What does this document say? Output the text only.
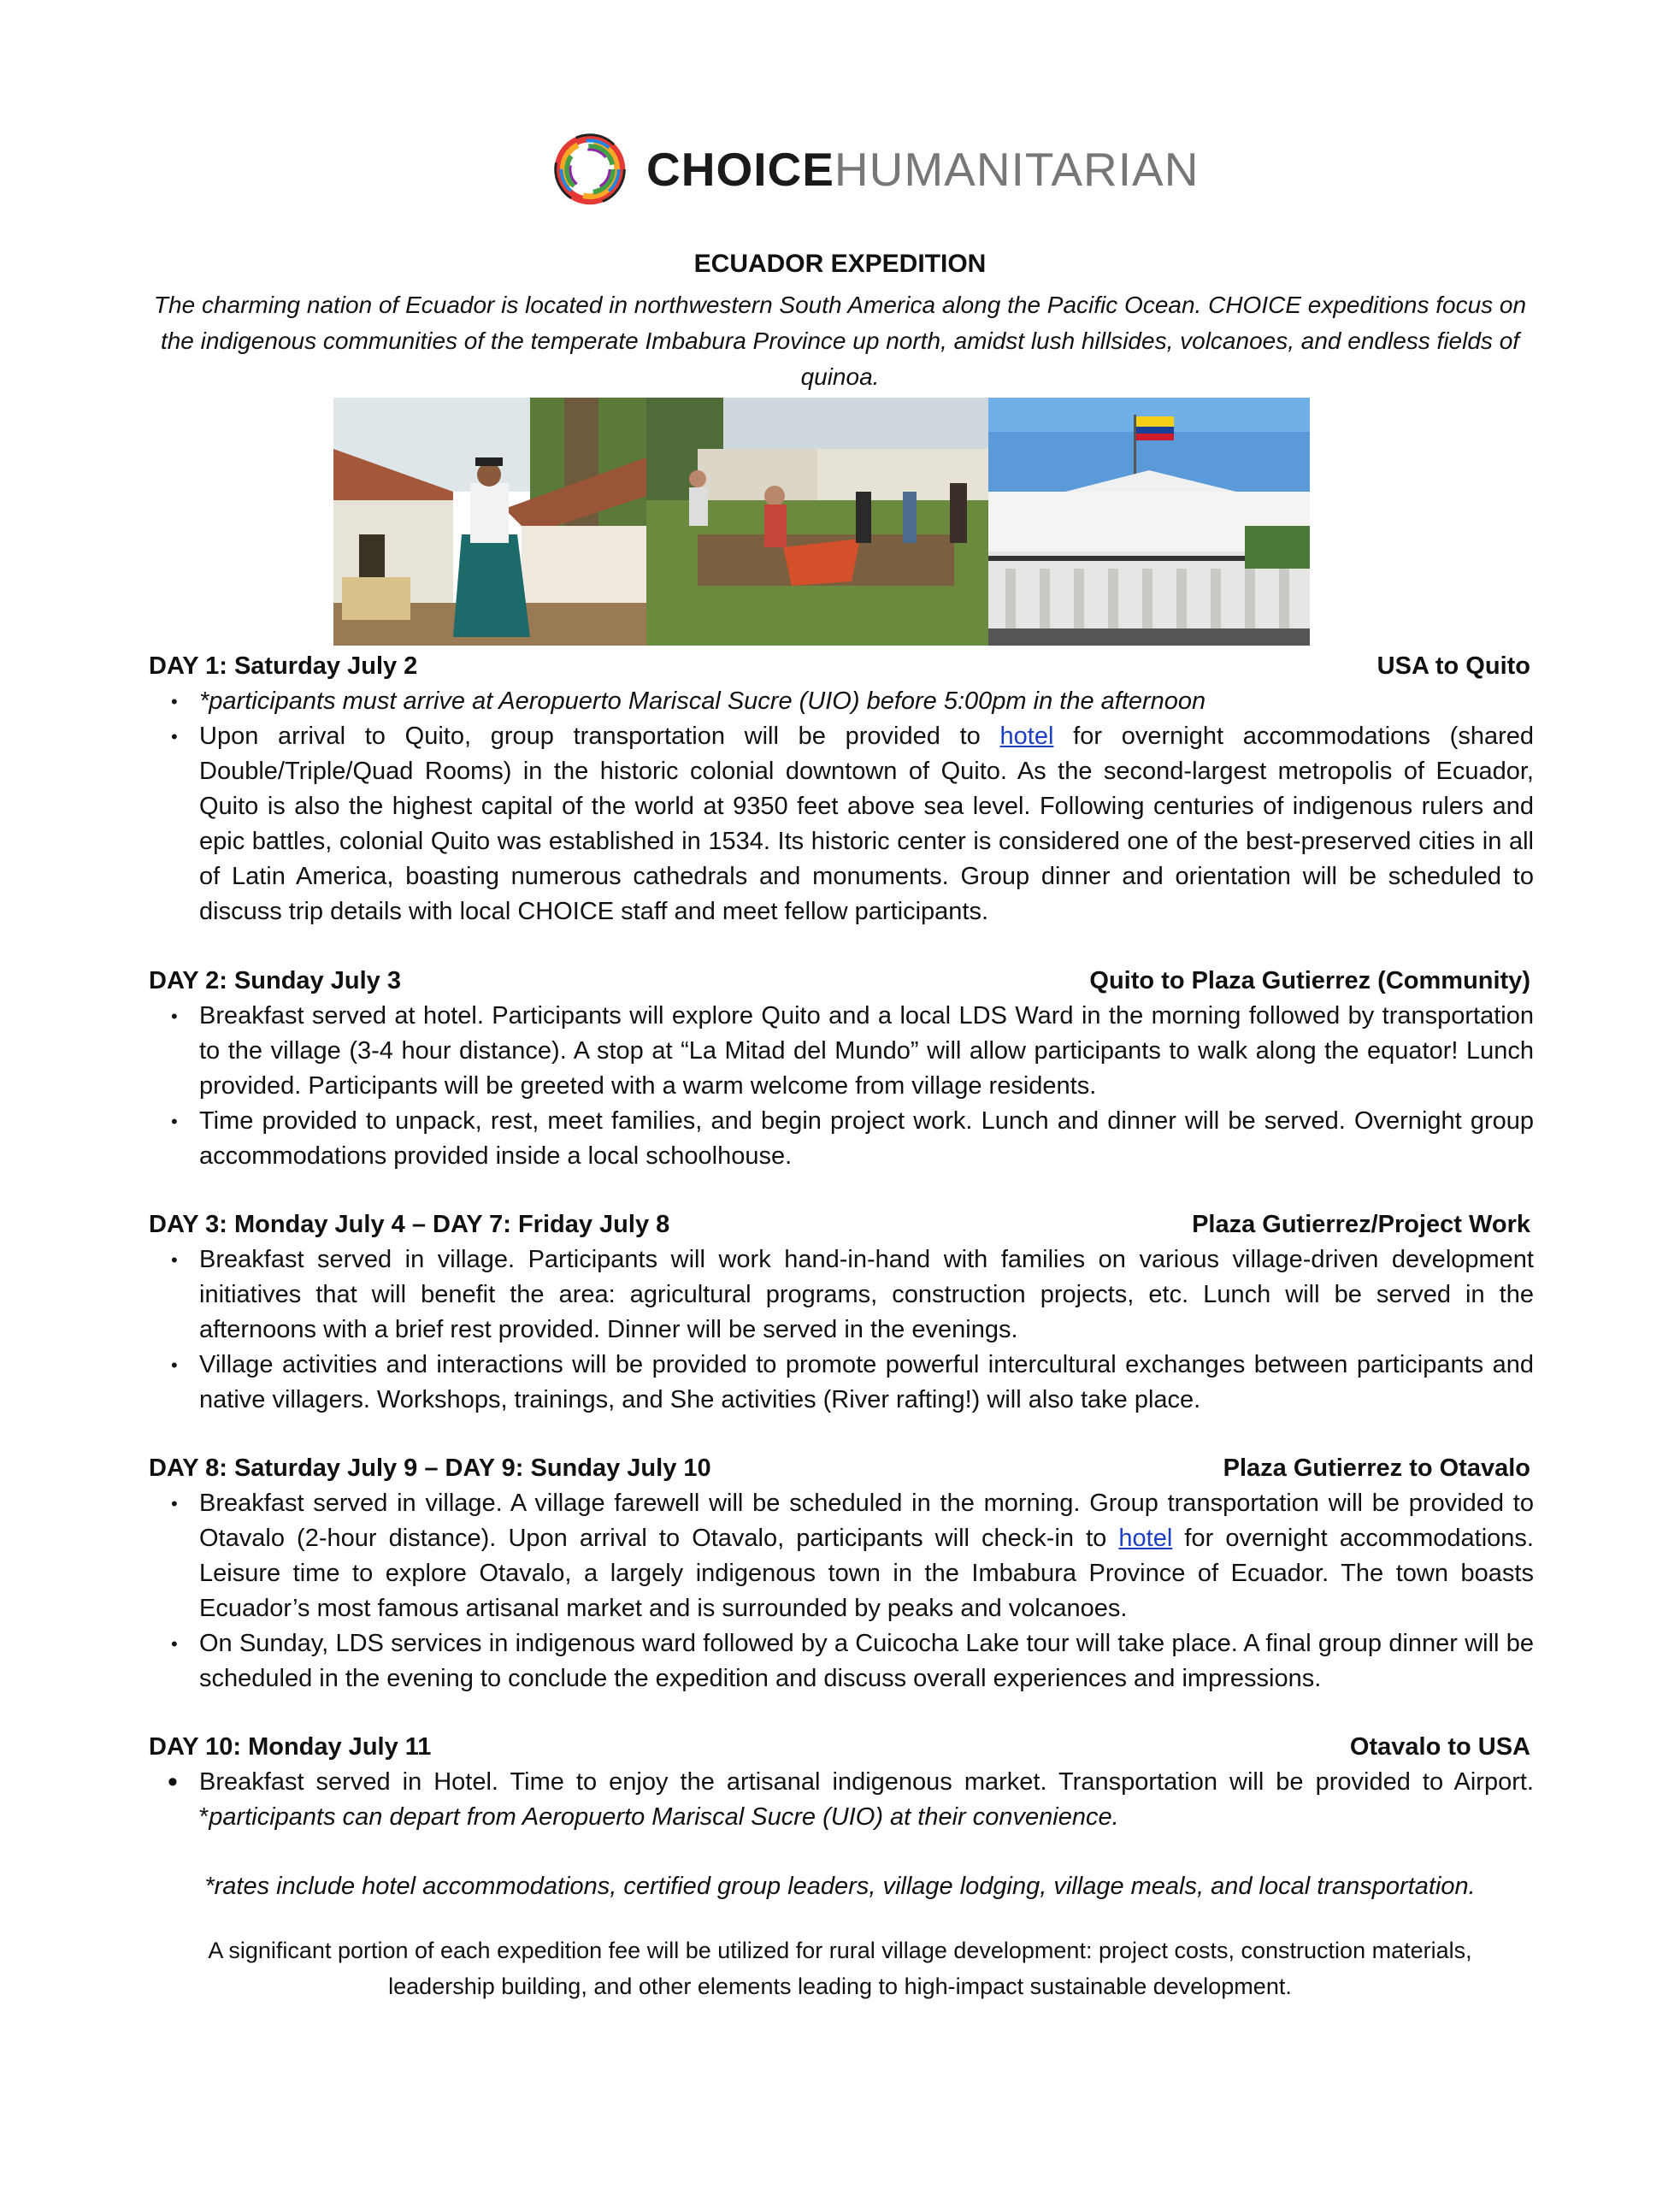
CHOICEHUMANITARIAN
ECUADOR EXPEDITION
The charming nation of Ecuador is located in northwestern South America along the Pacific Ocean. CHOICE expeditions focus on the indigenous communities of the temperate Imbabura Province up north, amidst lush hillsides, volcanoes, and endless fields of quinoa.
DAY 1: Saturday July 2	USA to Quito
• *participants must arrive at Aeropuerto Mariscal Sucre (UIO) before 5:00pm in the afternoon
• Upon arrival to Quito, group transportation will be provided to hotel for overnight accommodations (shared Double/Triple/Quad Rooms) in the historic colonial downtown of Quito. As the second-largest metropolis of Ecuador, Quito is also the highest capital of the world at 9350 feet above sea level. Following centuries of indigenous rulers and epic battles, colonial Quito was established in 1534. Its historic center is considered one of the best-preserved cities in all of Latin America, boasting numerous cathedrals and monuments. Group dinner and orientation will be scheduled to discuss trip details with local CHOICE staff and meet fellow participants.
DAY 2: Sunday July 3	Quito to Plaza Gutierrez (Community)
• Breakfast served at hotel. Participants will explore Quito and a local LDS Ward in the morning followed by transportation to the village (3-4 hour distance). A stop at “La Mitad del Mundo” will allow participants to walk along the equator! Lunch provided. Participants will be greeted with a warm welcome from village residents.
• Time provided to unpack, rest, meet families, and begin project work. Lunch and dinner will be served. Overnight group accommodations provided inside a local schoolhouse.
DAY 3: Monday July 4 – DAY 7: Friday July 8	Plaza Gutierrez/Project Work
• Breakfast served in village. Participants will work hand-in-hand with families on various village-driven development initiatives that will benefit the area: agricultural programs, construction projects, etc. Lunch will be served in the afternoons with a brief rest provided. Dinner will be served in the evenings.
• Village activities and interactions will be provided to promote powerful intercultural exchanges between participants and native villagers. Workshops, trainings, and She activities (River rafting!) will also take place.
DAY 8: Saturday July 9 – DAY 9: Sunday July 10	Plaza Gutierrez to Otavalo
• Breakfast served in village. A village farewell will be scheduled in the morning. Group transportation will be provided to Otavalo (2-hour distance). Upon arrival to Otavalo, participants will check-in to hotel for overnight accommodations. Leisure time to explore Otavalo, a largely indigenous town in the Imbabura Province of Ecuador. The town boasts Ecuador’s most famous artisanal market and is surrounded by peaks and volcanoes.
• On Sunday, LDS services in indigenous ward followed by a Cuicocha Lake tour will take place. A final group dinner will be scheduled in the evening to conclude the expedition and discuss overall experiences and impressions.
DAY 10: Monday July 11	Otavalo to USA
• Breakfast served in Hotel. Time to enjoy the artisanal indigenous market. Transportation will be provided to Airport. *participants can depart from Aeropuerto Mariscal Sucre (UIO) at their convenience.
*rates include hotel accommodations, certified group leaders, village lodging, village meals, and local transportation.
A significant portion of each expedition fee will be utilized for rural village development: project costs, construction materials, leadership building, and other elements leading to high-impact sustainable development.
